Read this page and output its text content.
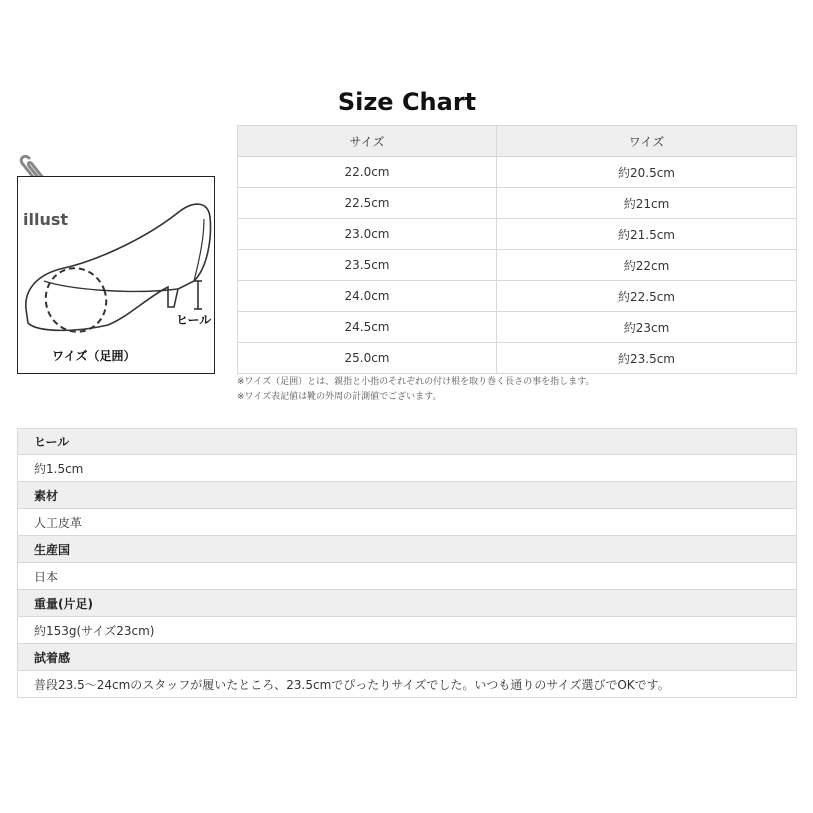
Size Chart
illust
ヒール
ワイズ（足囲）
サイズ	ワイズ
22.0cm	約20.5cm
22.5cm	約21cm
23.0cm	約21.5cm
23.5cm	約22cm
24.0cm	約22.5cm
24.5cm	約23cm
25.0cm	約23.5cm
※ワイズ（足囲）とは、親指と小指のそれぞれの付け根を取り巻く長さの事を指します。
※ワイズ表記値は靴の外周の計測値でございます。
ヒール
約1.5cm
素材
人工皮革
生産国
日本
重量(片足)
約153g(サイズ23cm)
試着感
普段23.5～24cmのスタッフが履いたところ、23.5cmでぴったりサイズでした。いつも通りのサイズ選びでOKです。
